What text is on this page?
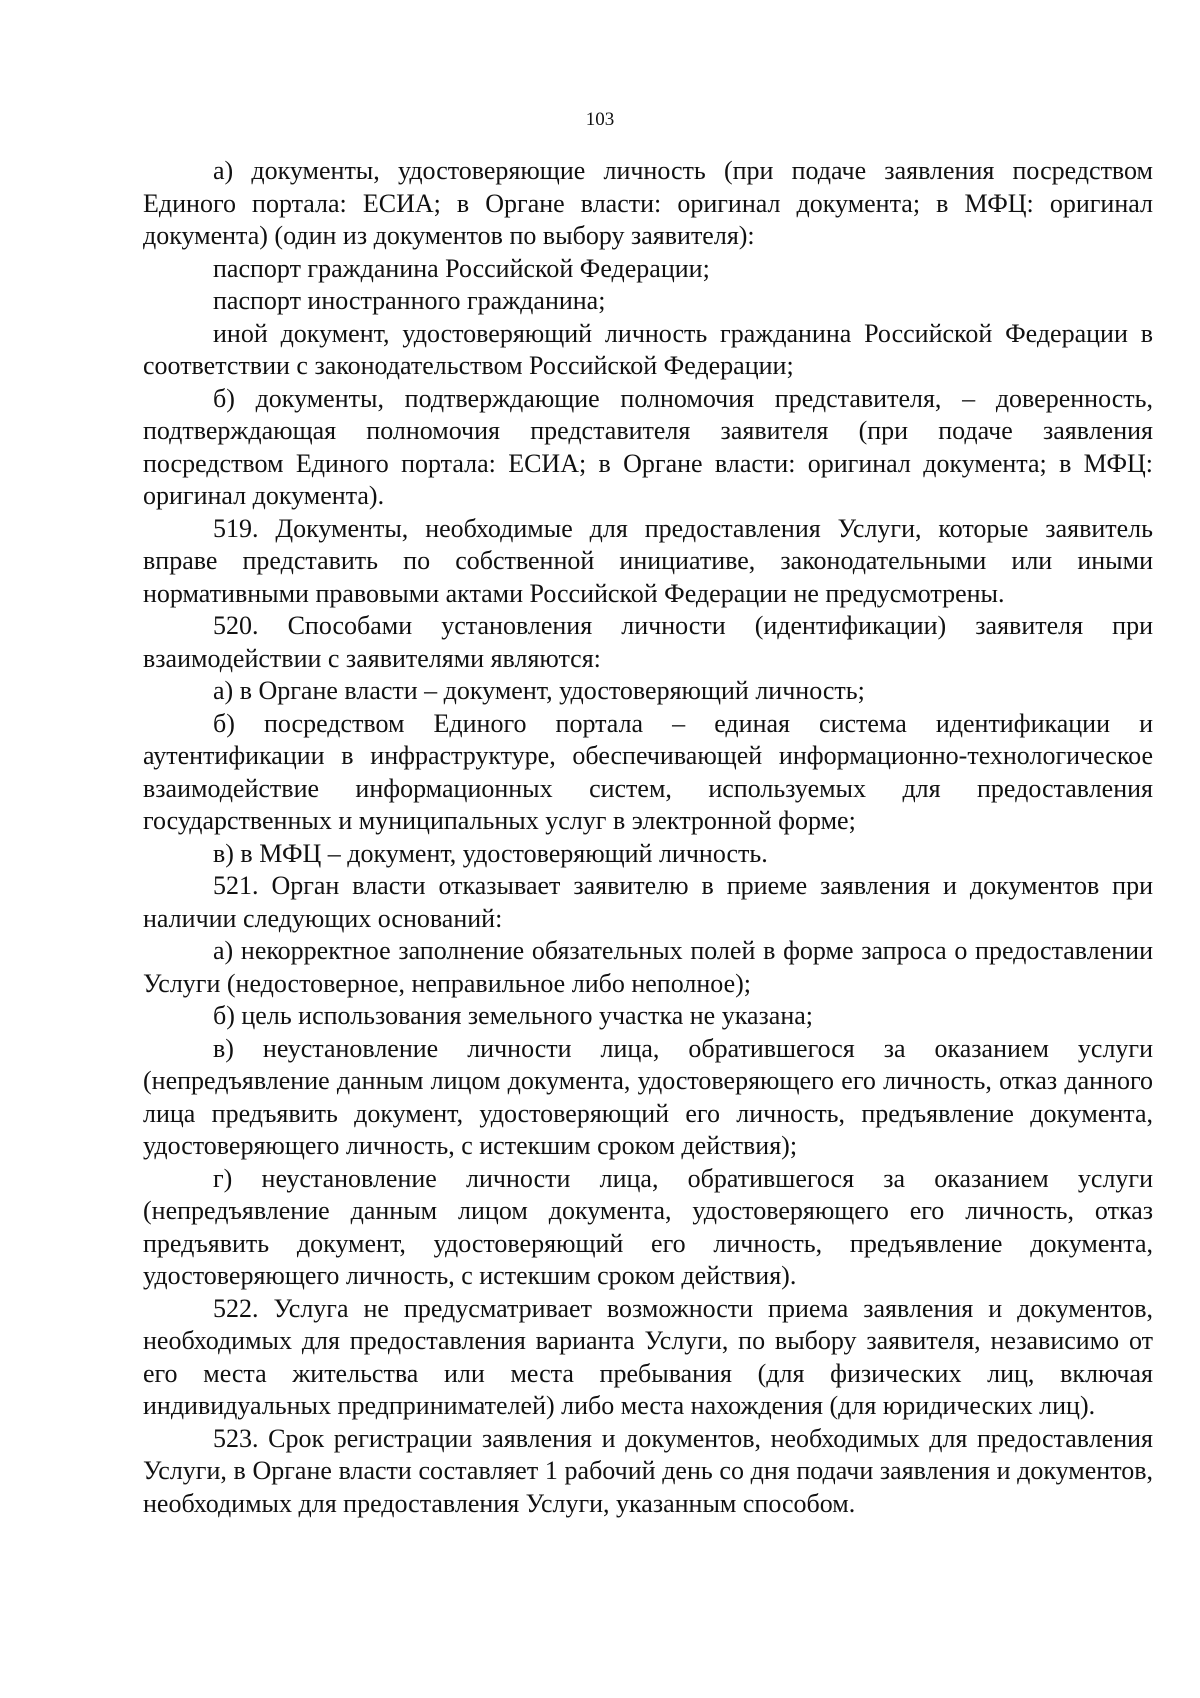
103

а) документы, удостоверяющие личность (при подаче заявления посредством Единого портала: ЕСИА; в Органе власти: оригинал документа; в МФЦ: оригинал документа) (один из документов по выбору заявителя):

паспорт гражданина Российской Федерации;

паспорт иностранного гражданина;

иной документ, удостоверяющий личность гражданина Российской Федерации в соответствии с законодательством Российской Федерации;

б) документы, подтверждающие полномочия представителя, – доверенность, подтверждающая полномочия представителя заявителя (при подаче заявления посредством Единого портала: ЕСИА; в Органе власти: оригинал документа; в МФЦ: оригинал документа).

519. Документы, необходимые для предоставления Услуги, которые заявитель вправе представить по собственной инициативе, законодательными или иными нормативными правовыми актами Российской Федерации не предусмотрены.

520. Способами установления личности (идентификации) заявителя при взаимодействии с заявителями являются:

а) в Органе власти – документ, удостоверяющий личность;

б) посредством Единого портала – единая система идентификации и аутентификации в инфраструктуре, обеспечивающей информационно-технологическое взаимодействие информационных систем, используемых для предоставления государственных и муниципальных услуг в электронной форме;

в) в МФЦ – документ, удостоверяющий личность.

521. Орган власти отказывает заявителю в приеме заявления и документов при наличии следующих оснований:

а) некорректное заполнение обязательных полей в форме запроса о предоставлении Услуги (недостоверное, неправильное либо неполное);

б) цель использования земельного участка не указана;

в) неустановление личности лица, обратившегося за оказанием услуги (непредъявление данным лицом документа, удостоверяющего его личность, отказ данного лица предъявить документ, удостоверяющий его личность, предъявление документа, удостоверяющего личность, с истекшим сроком действия);

г) неустановление личности лица, обратившегося за оказанием услуги (непредъявление данным лицом документа, удостоверяющего его личность, отказ предъявить документ, удостоверяющий его личность, предъявление документа, удостоверяющего личность, с истекшим сроком действия).

522. Услуга не предусматривает возможности приема заявления и документов, необходимых для предоставления варианта Услуги, по выбору заявителя, независимо от его места жительства или места пребывания (для физических лиц, включая индивидуальных предпринимателей) либо места нахождения (для юридических лиц).

523. Срок регистрации заявления и документов, необходимых для предоставления Услуги, в Органе власти составляет 1 рабочий день со дня подачи заявления и документов, необходимых для предоставления Услуги, указанным способом.
